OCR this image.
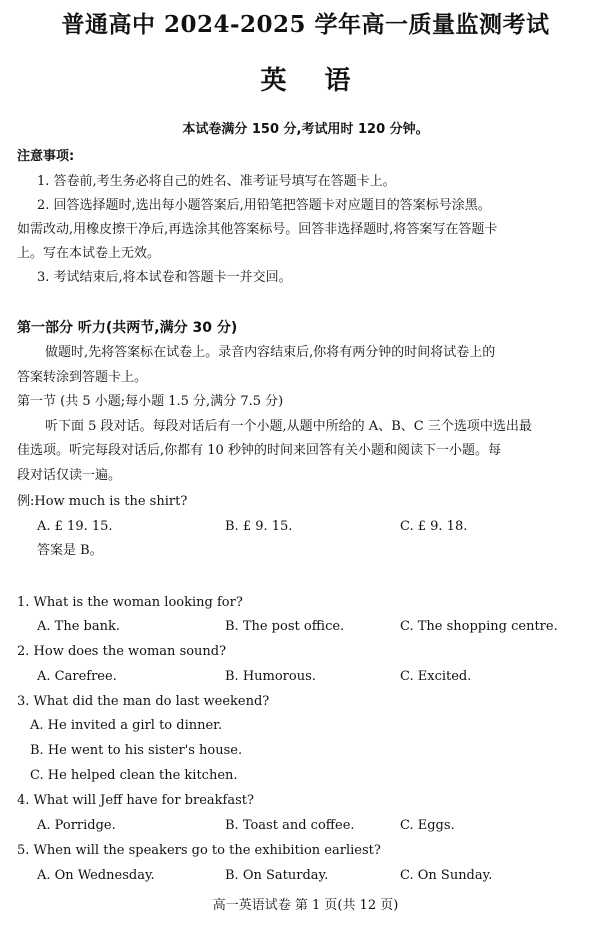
普通高中 2024-2025 学年高一质量监测考试
英 语
本试卷满分 150 分,考试用时 120 分钟。
注意事项:
1. 答卷前,考生务必将自己的姓名、准考证号填写在答题卡上。
2. 回答选择题时,选出每小题答案后,用铅笔把答题卡对应题目的答案标号涂黑。
如需改动,用橡皮擦干净后,再选涂其他答案标号。回答非选择题时,将答案写在答题卡
上。写在本试卷上无效。
3. 考试结束后,将本试卷和答题卡一并交回。
第一部分 听力(共两节,满分 30 分)
做题时,先将答案标在试卷上。录音内容结束后,你将有两分钟的时间将试卷上的
答案转涂到答题卡上。
第一节 (共 5 小题;每小题 1.5 分,满分 7.5 分)
听下面 5 段对话。每段对话后有一个小题,从题中所给的 A、B、C 三个选项中选出最
佳选项。听完每段对话后,你都有 10 秒钟的时间来回答有关小题和阅读下一小题。每
段对话仅读一遍。
例:How much is the shirt?
A. £ 19. 15.	B. £ 9. 15.	C. £ 9. 18.
答案是 B。
1. What is the woman looking for?
A. The bank.	B. The post office.	C. The shopping centre.
2. How does the woman sound?
A. Carefree.	B. Humorous.	C. Excited.
3. What did the man do last weekend?
A. He invited a girl to dinner.
B. He went to his sister's house.
C. He helped clean the kitchen.
4. What will Jeff have for breakfast?
A. Porridge.	B. Toast and coffee.	C. Eggs.
5. When will the speakers go to the exhibition earliest?
A. On Wednesday.	B. On Saturday.	C. On Sunday.
高一英语试卷 第 1 页(共 12 页)
